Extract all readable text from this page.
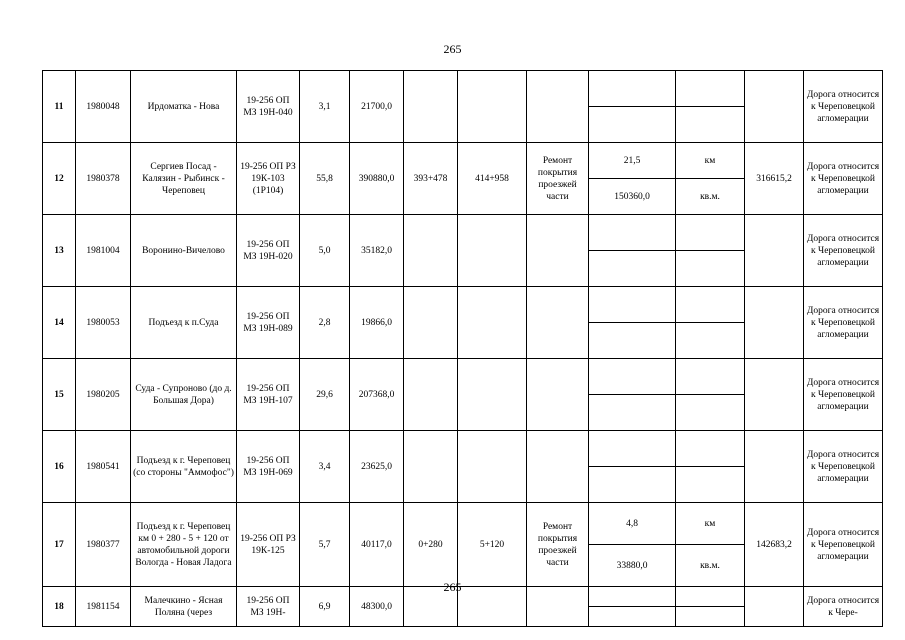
265
11	1980048	Ирдоматка - Нова	19-256 ОП МЗ 19Н-040	3,1	21700,0							Дорога относится к Череповецкой агломерации

12	1980378	Сергиев Посад - Калязин - Рыбинск - Череповец	19-256 ОП РЗ 19К-103 (1Р104)	55,8	390880,0	393+478	414+958	Ремонт покрытия проезжей части	21,5	км	316615,2	Дорога относится к Череповецкой агломерации
									150360,0	кв.м.		
13	1981004	Воронино-Вичелово	19-256 ОП МЗ 19Н-020	5,0	35182,0							Дорога относится к Череповецкой агломерации

14	1980053	Подъезд к п.Суда	19-256 ОП МЗ 19Н-089	2,8	19866,0							Дорога относится к Череповецкой агломерации

15	1980205	Суда - Супроново (до д. Большая Дора)	19-256 ОП МЗ 19Н-107	29,6	207368,0							Дорога относится к Череповецкой агломерации

16	1980541	Подъезд к г. Череповец (со стороны "Аммофос")	19-256 ОП МЗ 19Н-069	3,4	23625,0							Дорога относится к Череповецкой агломерации

17	1980377	Подъезд к г. Череповец км 0 + 280 - 5 + 120 от автомобильной дороги Вологда - Новая Ладога	19-256 ОП РЗ 19К-125	5,7	40117,0	0+280	5+120	Ремонт покрытия проезжей части	4,8	км	142683,2	Дорога относится к Череповецкой агломерации
									33880,0	кв.м.		
18	1981154	Малечкино - Ясная Поляна (через	19-256 ОП МЗ 19Н-	6,9	48300,0							Дорога относится к Чере-

265
